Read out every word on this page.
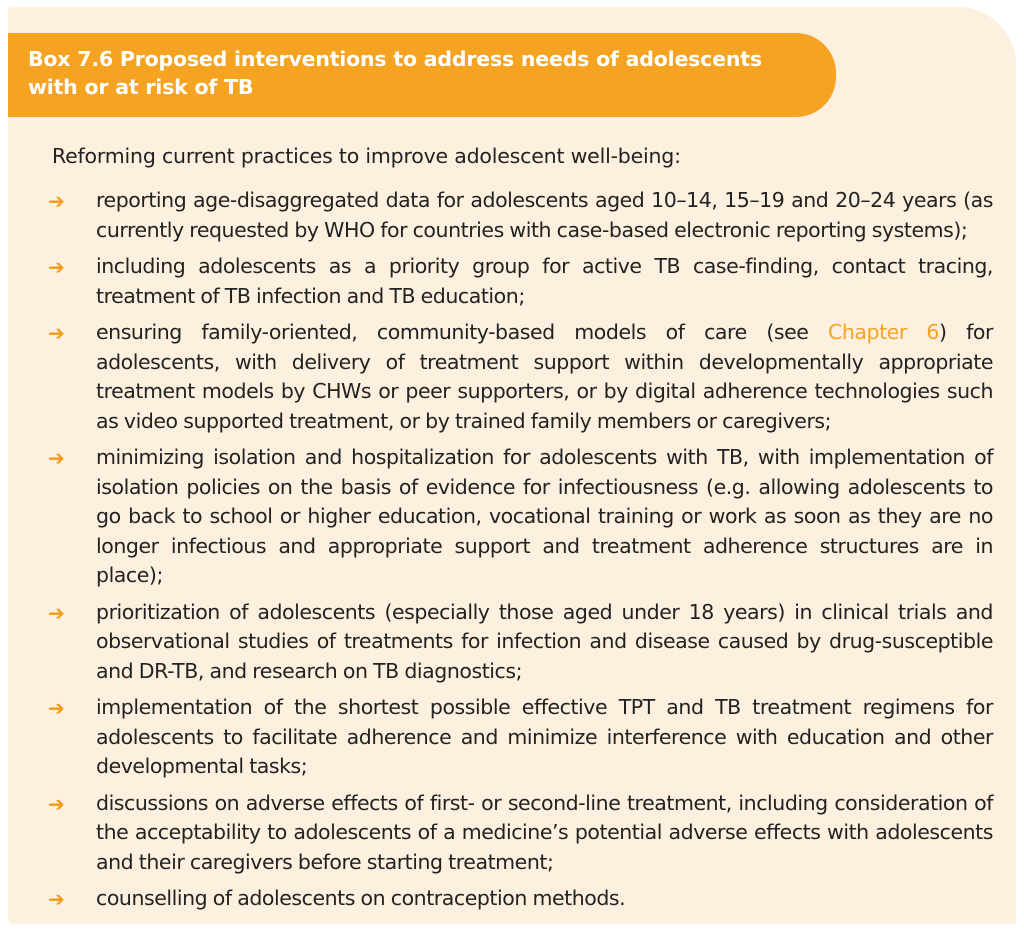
Box 7.6 Proposed interventions to address needs of adolescents
with or at risk of TB

Reforming current practices to improve adolescent well-being:

➔	reporting age-disaggregated data for adolescents aged 10–14, 15–19 and 20–24 years (as currently requested by WHO for countries with case-based electronic reporting systems);

➔	including adolescents as a priority group for active TB case-finding, contact tracing, treatment of TB infection and TB education;

➔	ensuring family-oriented, community-based models of care (see Chapter 6) for adolescents, with delivery of treatment support within developmentally appropriate treatment models by CHWs or peer supporters, or by digital adherence technologies such as video supported treatment, or by trained family members or caregivers;

➔	minimizing isolation and hospitalization for adolescents with TB, with implementation of isolation policies on the basis of evidence for infectiousness (e.g. allowing adolescents to go back to school or higher education, vocational training or work as soon as they are no longer infectious and appropriate support and treatment adherence structures are in place);

➔	prioritization of adolescents (especially those aged under 18 years) in clinical trials and observational studies of treatments for infection and disease caused by drug-susceptible and DR-TB, and research on TB diagnostics;

➔	implementation of the shortest possible effective TPT and TB treatment regimens for adolescents to facilitate adherence and minimize interference with education and other developmental tasks;

➔	discussions on adverse effects of first- or second-line treatment, including consideration of the acceptability to adolescents of a medicine’s potential adverse effects with adolescents and their caregivers before starting treatment;

➔	counselling of adolescents on contraception methods.
